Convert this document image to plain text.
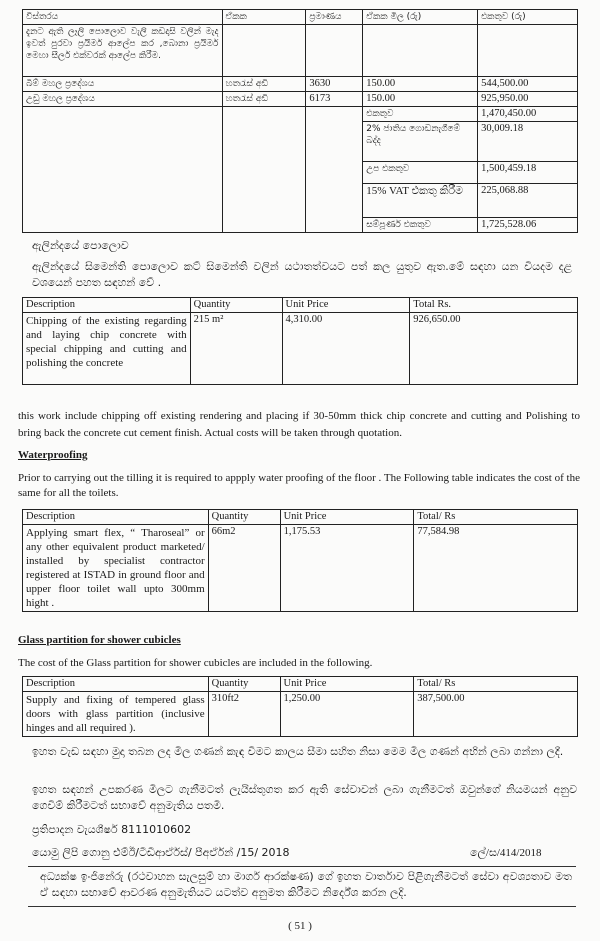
විස්තරය	ඒකක	ප්‍රමාණය	ඒකක මිල (රු)	එකතුව (රු)
දැනට ඇති ලෑලි පොලොව වැලි කඩදාසි වලින් මැද ඉවත් පුරවා ප්‍රයිමර් ආලේප කර ,බොනා ප්‍රයිමර් මෙහා සීලර් එක්වරක් ආලේප කිරීම.				
බිම් මහල ප්‍රදේශය	හතරැස් අඩි	3630	150.00	544,500.00
උඩු මහල ප්‍රදේශය	හතරැස් අඩි	6173	150.00	925,950.00
			එකතුව	1,470,450.00
			2% ජාතිය ගොඩනැගීමේ බද්ද	30,009.18
			උප එකතුව	1,500,459.18
			15% VAT එකතු කිරීම	225,068.88
			සම්පූර්ණ එකතුව	1,725,528.06
ඇලින්දයේ පොලොව
ඇලින්දයේ සිමෙන්ති පොලොව කට් සිමෙන්ති වලින් යථාතත්වයට පත් කල යුතුව ඇත.මේ සඳහා යන වියදම දළ වශයෙන් පහත සඳහන් වේ .
Description	Quantity	Unit Price	Total Rs.
Chipping of the existing regarding and laying chip concrete with special chipping and cutting and polishing the concrete	215 m²	4,310.00	926,650.00
this work include chipping off existing rendering and placing if 30-50mm thick chip concrete and cutting and Polishing to bring back the concrete cut cement finish. Actual costs will be taken through quotation.
Waterproofing
Prior to carrying out the tilling it is required to appply water proofing of the floor . The Following table indicates the cost of the same for all the toilets.
Description	Quantity	Unit Price	Total/ Rs
Applying smart flex, “ Tharoseal” or any other equivalent product marketed/ installed by specialist contractor registered at ISTAD in ground floor and upper floor toilet wall upto 300mm hight .	66m2	1,175.53	77,584.98
Glass partition for shower cubicles
The cost of the Glass partition for shower cubicles are included in the following.
Description	Quantity	Unit Price	Total/ Rs
Supply and fixing of tempered glass doors with glass partition (inclusive hinges and all required ).	310ft2	1,250.00	387,500.00
ඉහත වැඩ සඳහා මුදා තබන ලද මිල ගණන් කැඳ වීමට කාලය සීමා සහිත නිසා මෙම මිල ගණන් අභින් ලබා ගන්නා ලදී.
ඉහත සඳහන් උපකරණ මිලට ගැනීමටත් ලැයිස්තුගත කර ඇති සේවාවන් ලබා ගැනීමටත් ඔවුන්ගේ නියමයන් අනුව ගෙවීම් කිරීමටත් සභාවේ අනුමැතිය පතමි.
ප්‍රතිපාදන වැයශීර්ෂ 8111010602
යොමු ලිපි ගොනු එම්ඊ/ටීඩීආර්ඒස්/ පීඅර්ඒන් /15/ 2018	ලේ/ස/414/2018
අධ්‍යක්ෂ ඉංජිනේරු (රථවාහන සැලසුම් හා මාර්ග ආරක්ෂණ) ගේ ඉහත වාර්තාව පිළිගැනීමටත් සේවා අවශ්‍යතාව මත ඒ සඳහා සභාවේ ආවරණ අනුමැතියට යටත්ව අනුමත කිරීමට නිර්දේශ කරන ලදි.
( 51 )
